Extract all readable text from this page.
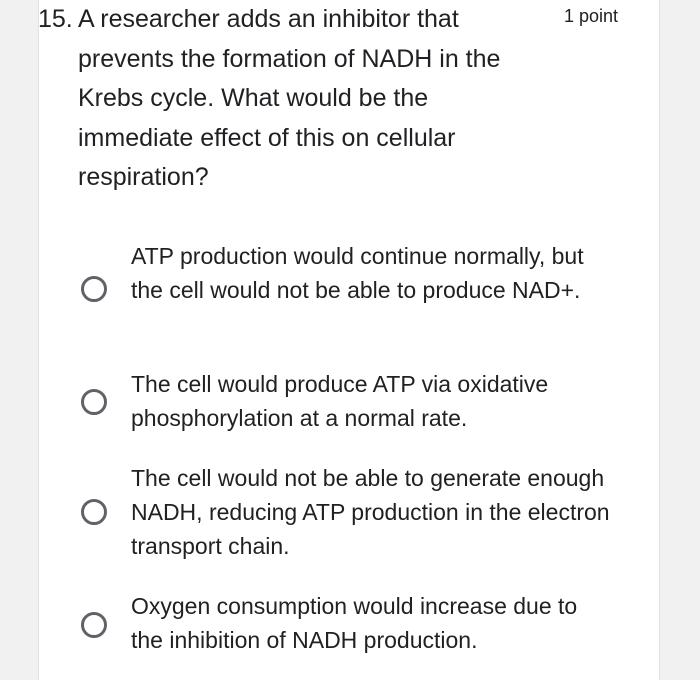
15. A researcher adds an inhibitor that prevents the formation of NADH in the Krebs cycle. What would be the immediate effect of this on cellular respiration?

1 point
ATP production would continue normally, but the cell would not be able to produce NAD+.
The cell would produce ATP via oxidative phosphorylation at a normal rate.
The cell would not be able to generate enough NADH, reducing ATP production in the electron transport chain.
Oxygen consumption would increase due to the inhibition of NADH production.
